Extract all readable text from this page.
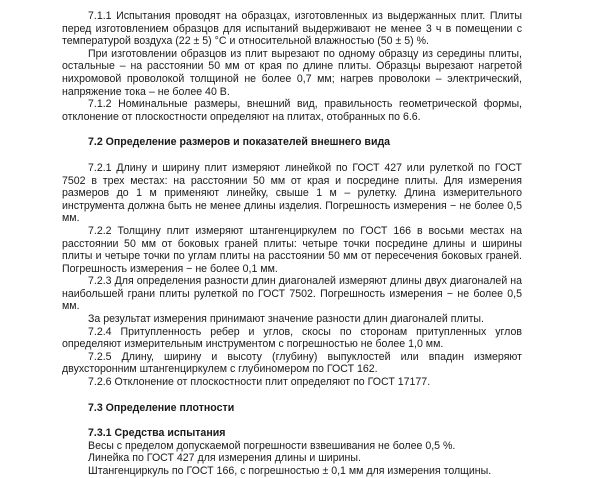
7.1.1 Испытания проводят на образцах, изготовленных из выдержанных плит. Плиты перед изготовлением образцов для испытаний выдерживают не менее 3 ч в помещении с температурой воздуха (22 ± 5) °С и относительной влажностью (50 ± 5) %.

При изготовлении образцов из плит вырезают по одному образцу из середины плиты, остальные – на расстоянии 50 мм от края по длине плиты. Образцы вырезают нагретой нихромовой проволокой толщиной не более 0,7 мм; нагрев проволоки – электрический, напряжение тока – не более 40 В.

7.1.2 Номинальные размеры, внешний вид, правильность геометрической формы, отклонение от плоскостности определяют на плитах, отобранных по 6.6.

7.2 Определение размеров и показателей внешнего вида

7.2.1 Длину и ширину плит измеряют линейкой по ГОСТ 427 или рулеткой по ГОСТ 7502 в трех местах: на расстоянии 50 мм от края и посредине плиты. Для измерения размеров до 1 м применяют линейку, свыше 1 м – рулетку. Длина измерительного инструмента должна быть не менее длины изделия. Погрешность измерения − не более 0,5 мм.

7.2.2 Толщину плит измеряют штангенциркулем по ГОСТ 166 в восьми местах на расстоянии 50 мм от боковых граней плиты: четыре точки посредине длины и ширины плиты и четыре точки по углам плиты на расстоянии 50 мм от пересечения боковых граней. Погрешность измерения − не более 0,1 мм.

7.2.3 Для определения разности длин диагоналей измеряют длины двух диагоналей на наибольшей грани плиты рулеткой по ГОСТ 7502. Погрешность измерения − не более 0,5 мм.

За результат измерения принимают значение разности длин диагоналей плиты.

7.2.4 Притупленность ребер и углов, скосы по сторонам притупленных углов определяют измерительным инструментом с погрешностью не более 1,0 мм.

7.2.5 Длину, ширину и высоту (глубину) выпуклостей или впадин измеряют двухсторонним штангенциркулем с глубиномером по ГОСТ 162.

7.2.6 Отклонение от плоскостности плит определяют по ГОСТ 17177.

7.3 Определение плотности

7.3.1 Средства испытания

Весы с пределом допускаемой погрешности взвешивания не более 0,5 %.

Линейка по ГОСТ 427 для измерения длины и ширины.

Штангенциркуль по ГОСТ 166, с погрешностью ± 0,1 мм для измерения толщины.
